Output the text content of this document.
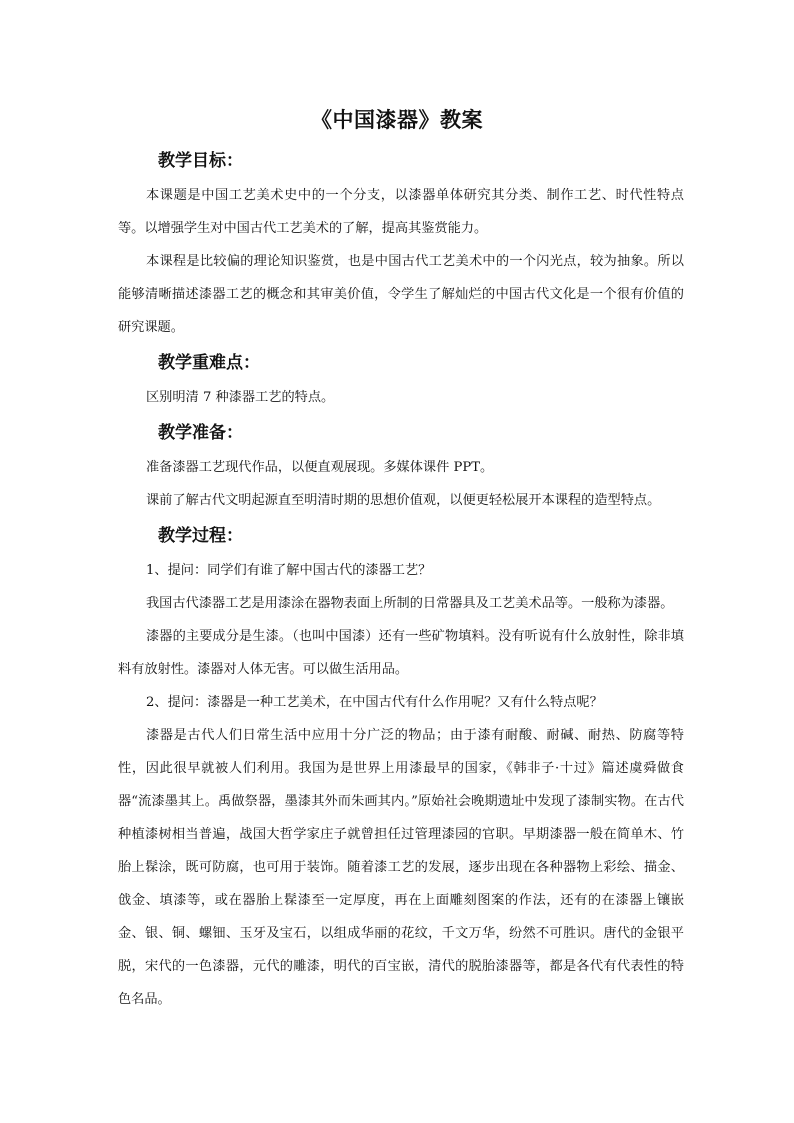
《中国漆器》教案
教学目标：

本课题是中国工艺美术史中的一个分支，以漆器单体研究其分类、制作工艺、时代性特点等。以增强学生对中国古代工艺美术的了解，提高其鉴赏能力。

本课程是比较偏的理论知识鉴赏，也是中国古代工艺美术中的一个闪光点，较为抽象。所以能够清晰描述漆器工艺的概念和其审美价值，令学生了解灿烂的中国古代文化是一个很有价值的研究课题。

教学重难点：

区别明清 7 种漆器工艺的特点。

教学准备：

准备漆器工艺现代作品，以便直观展现。多媒体课件 PPT。

课前了解古代文明起源直至明清时期的思想价值观，以便更轻松展开本课程的造型特点。

教学过程：

1、提问：同学们有谁了解中国古代的漆器工艺？

我国古代漆器工艺是用漆涂在器物表面上所制的日常器具及工艺美术品等。一般称为漆器。

漆器的主要成分是生漆。（也叫中国漆）还有一些矿物填料。没有听说有什么放射性，除非填料有放射性。漆器对人体无害。可以做生活用品。

2、提问：漆器是一种工艺美术，在中国古代有什么作用呢？又有什么特点呢？

漆器是古代人们日常生活中应用十分广泛的物品；由于漆有耐酸、耐碱、耐热、防腐等特性，因此很早就被人们利用。我国为是世界上用漆最早的国家，《韩非子·十过》篇述虞舜做食器“流漆墨其上。禹做祭器，墨漆其外而朱画其内。”原始社会晚期遗址中发现了漆制实物。在古代种植漆树相当普遍，战国大哲学家庄子就曾担任过管理漆园的官职。早期漆器一般在简单木、竹胎上髹涂，既可防腐，也可用于装饰。随着漆工艺的发展，逐步出现在各种器物上彩绘、描金、戗金、填漆等，或在器胎上髹漆至一定厚度，再在上面雕刻图案的作法，还有的在漆器上镶嵌金、银、铜、螺钿、玉牙及宝石，以组成华丽的花纹，千文万华，纷然不可胜识。唐代的金银平脱，宋代的一色漆器，元代的雕漆，明代的百宝嵌，清代的脱胎漆器等，都是各代有代表性的特色名品。
